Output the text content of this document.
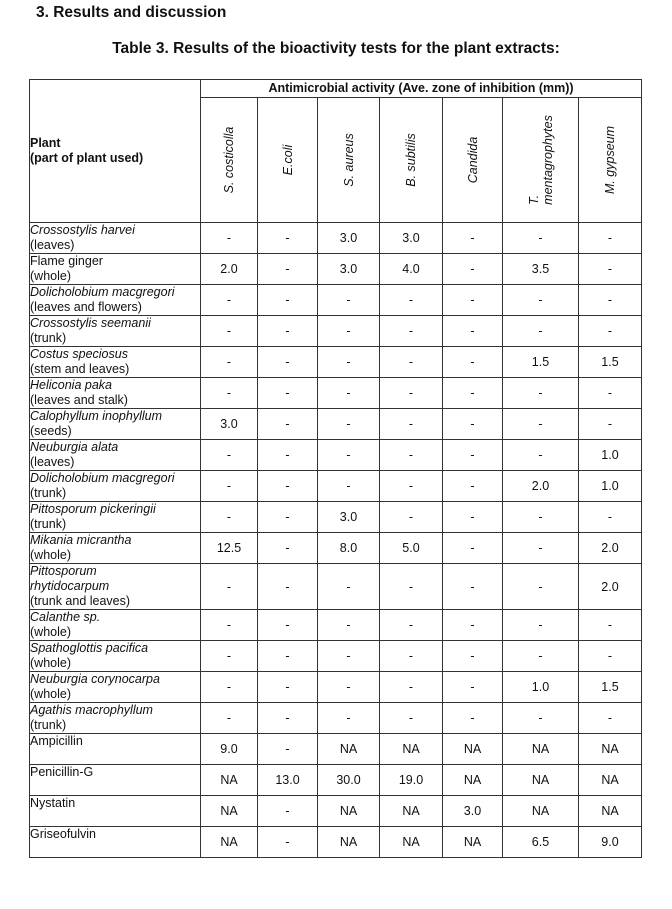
3. Results and discussion
Table 3. Results of the bioactivity tests for the plant extracts:
Plant
(part of plant used)	Antimicrobial activity (Ave. zone of inhibition (mm))						

	S. costicolla	E.coli	S. aureus	B. subtilis	Candida	T.
mentagrophytes	M. gypseum

Crossostylis harvei
(leaves)	-	-	3.0	3.0	-	-	-

Flame ginger
(whole)	2.0	-	3.0	4.0	-	3.5	-

Dolicholobium macgregori
(leaves and flowers)	-	-	-	-	-	-	-

Crossostylis seemanii
(trunk)	-	-	-	-	-	-	-

Costus speciosus
(stem and leaves)	-	-	-	-	-	1.5	1.5

Heliconia paka
(leaves and stalk)	-	-	-	-	-	-	-

Calophyllum inophyllum
(seeds)	3.0	-	-	-	-	-	-

Neuburgia alata
(leaves)	-	-	-	-	-	-	1.0

Dolicholobium macgregori
(trunk)	-	-	-	-	-	2.0	1.0

Pittosporum pickeringii
(trunk)	-	-	3.0	-	-	-	-

Mikania micrantha
(whole)	12.5	-	8.0	5.0	-	-	2.0

Pittosporum rhytidocarpum
(trunk and leaves)	-	-	-	-	-	-	2.0

Calanthe sp.
(whole)	-	-	-	-	-	-	-

Spathoglottis pacifica
(whole)	-	-	-	-	-	-	-

Neuburgia corynocarpa
(whole)	-	-	-	-	-	1.0	1.5

Agathis macrophyllum
(trunk)	-	-	-	-	-	-	-

Ampicillin	9.0	-	NA	NA	NA	NA	NA

Penicillin-G	NA	13.0	30.0	19.0	NA	NA	NA

Nystatin	NA	-	NA	NA	3.0	NA	NA

Griseofulvin	NA	-	NA	NA	NA	6.5	9.0
